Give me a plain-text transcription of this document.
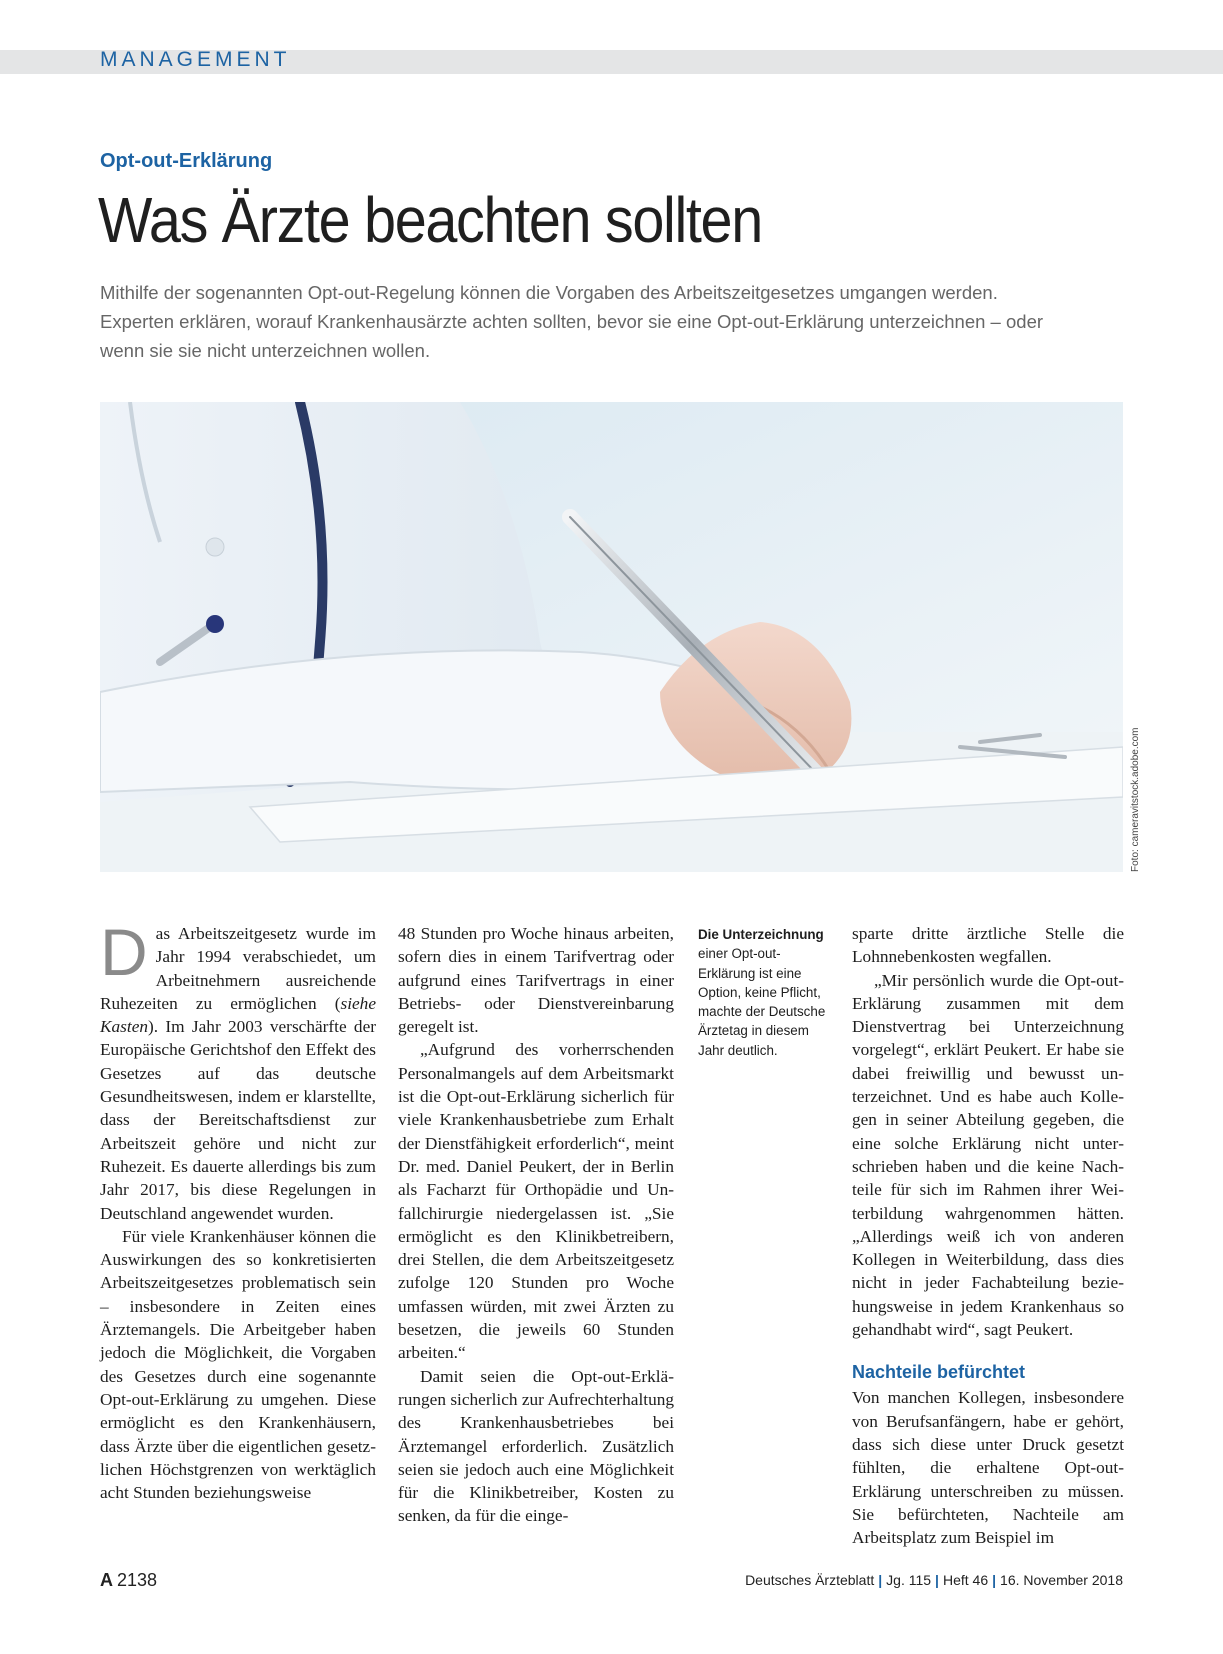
MANAGEMENT
Opt-out-Erklärung
Was Ärzte beachten sollten

Mithilfe der sogenannten Opt-out-Regelung können die Vorgaben des Arbeitszeitgesetzes umgangen werden. Experten erklären, worauf Krankenhausärzte achten sollten, bevor sie eine Opt-out-Erklärung unterzeichnen – oder wenn sie sie nicht unterzeichnen wollen.

Foto: cameravitstock.adobe.com

Das Arbeitszeitgesetz wurde im Jahr 1994 verabschiedet, um Arbeitnehmern ausreichende Ruhezeiten zu ermöglichen (siehe Kasten). Im Jahr 2003 verschärfte der Europäische Gerichtshof den Effekt des Gesetzes auf das deutsche Gesundheitswesen, indem er klarstellte, dass der Bereitschaftsdienst zur Arbeitszeit gehöre und nicht zur Ruhezeit. Es dauerte allerdings bis zum Jahr 2017, bis diese Regelungen in Deutschland angewendet wurden.

Für viele Krankenhäuser können die Auswirkungen des so konkretisierten Arbeitszeitgesetzes problematisch sein – insbesondere in Zeiten eines Ärztemangels. Die Arbeitgeber haben jedoch die Möglichkeit, die Vorgaben des Gesetzes durch eine sogenannte Opt-out-Erklärung zu umgehen. Diese ermöglicht es den Krankenhäusern, dass Ärzte über die eigentlichen gesetzlichen Höchstgrenzen von werktäglich acht Stunden beziehungsweise

48 Stunden pro Woche hinaus arbeiten, sofern dies in einem Tarifvertrag oder aufgrund eines Tarifvertrags in einer Betriebs- oder Dienstvereinbarung geregelt ist.

„Aufgrund des vorherrschenden Personalmangels auf dem Arbeitsmarkt ist die Opt-out-Erklärung sicherlich für viele Krankenhausbetriebe zum Erhalt der Dienstfähigkeit erforderlich“, meint Dr. med. Daniel Peukert, der in Berlin als Facharzt für Orthopädie und Unfallchirurgie niedergelassen ist. „Sie ermöglicht es den Klinikbetreibern, drei Stellen, die dem Arbeitszeitgesetz zufolge 120 Stunden pro Woche umfassen würden, mit zwei Ärzten zu besetzen, die jeweils 60 Stunden arbeiten.“

Damit seien die Opt-out-Erklärungen sicherlich zur Aufrechterhaltung des Krankenhausbetriebes bei Ärztemangel erforderlich. Zusätzlich seien sie jedoch auch eine Möglichkeit für die Klinikbetreiber, Kosten zu senken, da für die einge-

Die Unterzeichnung einer Opt-out-Erklärung ist eine Option, keine Pflicht, machte der Deutsche Ärztetag in diesem Jahr deutlich.

sparte dritte ärztliche Stelle die Lohnnebenkosten wegfallen.

„Mir persönlich wurde die Opt-out-Erklärung zusammen mit dem Dienstvertrag bei Unterzeichnung vorgelegt“, erklärt Peukert. Er habe sie dabei freiwillig und bewusst unterzeichnet. Und es habe auch Kollegen in seiner Abteilung gegeben, die eine solche Erklärung nicht unterschrieben haben und die keine Nachteile für sich im Rahmen ihrer Weiterbildung wahrgenommen hätten. „Allerdings weiß ich von anderen Kollegen in Weiterbildung, dass dies nicht in jeder Fachabteilung beziehungsweise in jedem Krankenhaus so gehandhabt wird“, sagt Peukert.

Nachteile befürchtet

Von manchen Kollegen, insbesondere von Berufsanfängern, habe er gehört, dass sich diese unter Druck gesetzt fühlten, die erhaltene Opt-out-Erklärung unterschreiben zu müssen. Sie befürchteten, Nachteile am Arbeitsplatz zum Beispiel im

A 2138	Deutsches Ärzteblatt | Jg. 115 | Heft 46 | 16. November 2018
